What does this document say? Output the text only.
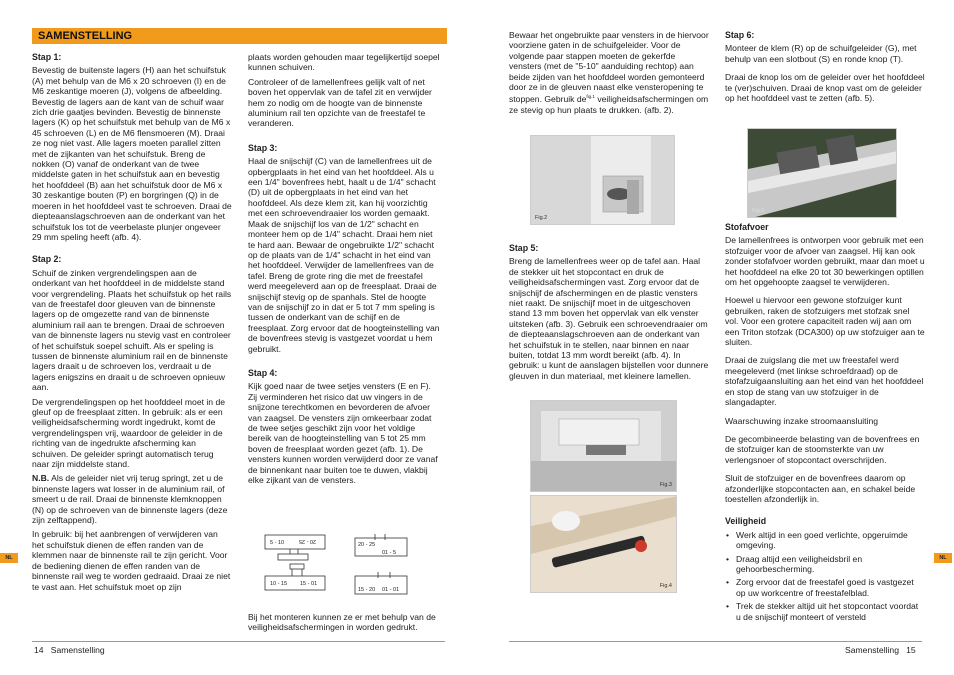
SAMENSTELLING
Stap 1:

Bevestig de buitenste lagers (H) aan het schuifstuk (A) met behulp van de M6 x 20 schroeven (I) en de M6 zeskantige moeren (J), volgens de afbeelding. Bevestig de lagers aan de kant van de schuif waar zich drie gaatjes bevinden. Bevestig de binnenste lagers (K) op het schuifstuk met behulp van de M6 x 45 schroeven (L) en de M6 flensmoeren (M). Draai ze nog niet vast. Alle lagers moeten parallel zitten met de zijkanten van het schuifstuk. Breng de nokken (O) vanaf de onderkant van de twee middelste gaten in het schuifstuk aan en bevestig het hoofddeel (B) aan het schuifstuk door de M6 x 30 zeskantige bouten (P) en borgringen (Q) in de moeren in het hoofddeel vast te schroeven. Draai de diepteaanslagschroeven aan de onderkant van het schuifstuk los tot de veerbelaste plunjer ongeveer 29 mm speling heeft (afb. 4).

Stap 2:

Schuif de zinken vergrendelingspen aan de onderkant van het hoofddeel in de middelste stand voor vergrendeling. Plaats het schuifstuk op het rails van de freestafel door gleuven van de binnenste lagers op de omgezette rand van de binnenste aluminium rail aan te brengen. Draai de schroeven van de binnenste lagers nu stevig vast en controleer of het schuifstuk soepel schuift. Als er speling is tussen de binnenste aluminium rail en de binnenste lagers draait u de schroeven los, verdraait u de lagers enigszins en draait u de schroeven opnieuw aan.

De vergrendelingspen op het hoofddeel moet in de gleuf op de freesplaat zitten. In gebruik: als er een veiligheidsafscherming wordt ingedrukt, komt de vergrendelingspen vrij, waardoor de geleider in de richting van de ingedrukte afscherming kan schuiven. De geleider springt automatisch terug naar zijn middelste stand.

N.B. Als de geleider niet vrij terug springt, zet u de binnenste lagers wat losser in de aluminium rail, of smeert u de rail. Draai de binnenste klemknoppen (N) op de schroeven van de binnenste lagers (deze zijn zelftappend).

In gebruik: bij het aanbrengen of verwijderen van het schuifstuk dienen de effen randen van de klemmen naar de binnenste rail te zijn gericht. Voor de bediening dienen de effen randen van de binnenste rail weg te worden gedraaid. Draai ze niet te vast aan. Het schuifstuk moet op zijn

plaats worden gehouden maar tegelijkertijd soepel kunnen schuiven.

Controleer of de lamellenfrees gelijk valt of net boven het oppervlak van de tafel zit en verwijder hem zo nodig om de hoogte van de binnenste aluminium rail ten opzichte van de freestafel te veranderen.

Stap 3:

Haal de snijschijf (C) van de lamellenfrees uit de opbergplaats in het eind van het hoofddeel. Als u een 1/4" bovenfrees hebt, haalt u de 1/4" schacht (D) uit de opbergplaats in het eind van het hoofddeel. Als deze klem zit, kan hij voorzichtig met een schroevendraaier los worden gemaakt. Maak de snijschijf los van de 1/2" schacht en monteer hem op de 1/4" schacht. Draai hem niet te hard aan. Bewaar de ongebruikte 1/2" schacht op de plaats van de 1/4" schacht in het eind van het hoofddeel. Verwijder de lamellenfrees van de tafel. Breng de grote ring die met de freestafel werd meegeleverd aan op de freesplaat. Draai de snijschijf stevig op de spanhals. Stel de hoogte van de snijschijf zo in dat er 5 tot 7 mm speling is tussen de onderkant van de schijf en de freesplaat. Zorg ervoor dat de hoogteinstelling van de bovenfrees stevig is vastgezet voordat u hem gebruikt.

Stap 4:

Kijk goed naar de twee setjes vensters (E en F). Zij verminderen het risico dat uw vingers in de snijzone terechtkomen en bevorderen de afvoer van zaagsel. De vensters zijn omkeerbaar zodat de twee setjes geschikt zijn voor het voldige bereik van de hoogteinstelling van 5 tot 25 mm boven de freesplaat worden gezet (afb. 1). De vensters kunnen worden verwijderd door ze vanaf de binnenkant naar buiten toe te duwen, vlakbij elke zijkant van de vensters.

5 - 10	20 - 25
20 - 25
01 - 5
10 - 15 15 - 01
15 - 20 01 - 01

Bij het monteren kunnen ze er met behulp van de veiligheidsafschermingen in worden gedrukt.

NL
14 Samenstelling

Bewaar het ongebruikte paar vensters in de hiervoor voorziene gaten in de schuifgeleider. Voor de volgende paar stappen moeten de gekerfde vensters (met de "5-10" aanduiding rechtop) aan beide zijden van het hoofddeel worden gemonteerd door ze in de gleuven naast elke vensteropening te stoppen. Gebruik $de^{fig.1}$ veiligheidsafschermingen om ze stevig op hun plaats te drukken. (afb. 2).

Fig.2
Stap 5:

Breng de lamellenfrees weer op de tafel aan. Haal de stekker uit het stopcontact en druk de veiligheidsafschermingen vast. Zorg ervoor dat de snijschijf de afschermingen en de plastic vensters niet raakt. De snijschijf moet in de uitgeschoven stand 13 mm boven het oppervlak van elk venster uitsteken (afb. 3). Gebruik een schroevendraaier om de diepteaanslagschroeven aan de onderkant van het schuifstuk in te stellen, naar binnen en naar buiten, totdat 13 mm wordt bereikt (afb. 4). In gebruik: u kunt de aanslagen bijstellen voor dunnere gleuven in dun materiaal, met kleinere lamellen.

Fig.3
Fig.4
Stap 6:

Monteer de klem (R) op de schuifgeleider (G), met behulp van een slotbout (S) en ronde knop (T).

Draai de knop los om de geleider over het hoofddeel te (ver)schuiven. Draai de knop vast om de geleider op het hoofddeel vast te zetten (afb. 5).

Fig.5
Stofafvoer

De lamellenfrees is ontworpen voor gebruik met een stofzuiger voor de afvoer van zaagsel. Hij kan ook zonder stofafvoer worden gebruikt, maar dan moet u het hoofddeel na elke 20 tot 30 bewerkingen optillen om het opgehoopte zaagsel te verwijderen.

Hoewel u hiervoor een gewone stofzuiger kunt gebruiken, raken de stofzuigers met stofzak snel vol. Voor een grotere capaciteit raden wij aan om een Triton stofzak (DCA300) op uw stofzuiger aan te sluiten.

Draai de zuigslang die met uw freestafel werd meegeleverd (met linkse schroefdraad) op de stofafzuigaansluiting aan het eind van het hoofddeel en stop de stang van uw stofzuiger in de slangadapter.

Waarschuwing inzake stroomaansluiting

De gecombineerde belasting van de bovenfrees en de stofzuiger kan de stoomsterkte van uw verlengsnoer of stopcontact overschrijden.

Sluit de stofzuiger en de bovenfrees daarom op afzonderlijke stopcontacten aan, en schakel beide toestellen afzonderlijk in.

Veiligheid
• Werk altijd in een goed verlichte, opgeruimde omgeving.
• Draag altijd een veiligheidsbril en gehoorbescherming.
• Zorg ervoor dat de freestafel goed is vastgezet op uw workcentre of freestafelblad.
• Trek de stekker altijd uit het stopcontact voordat u de snijschijf monteert of versteld
NL
Samenstelling 15
